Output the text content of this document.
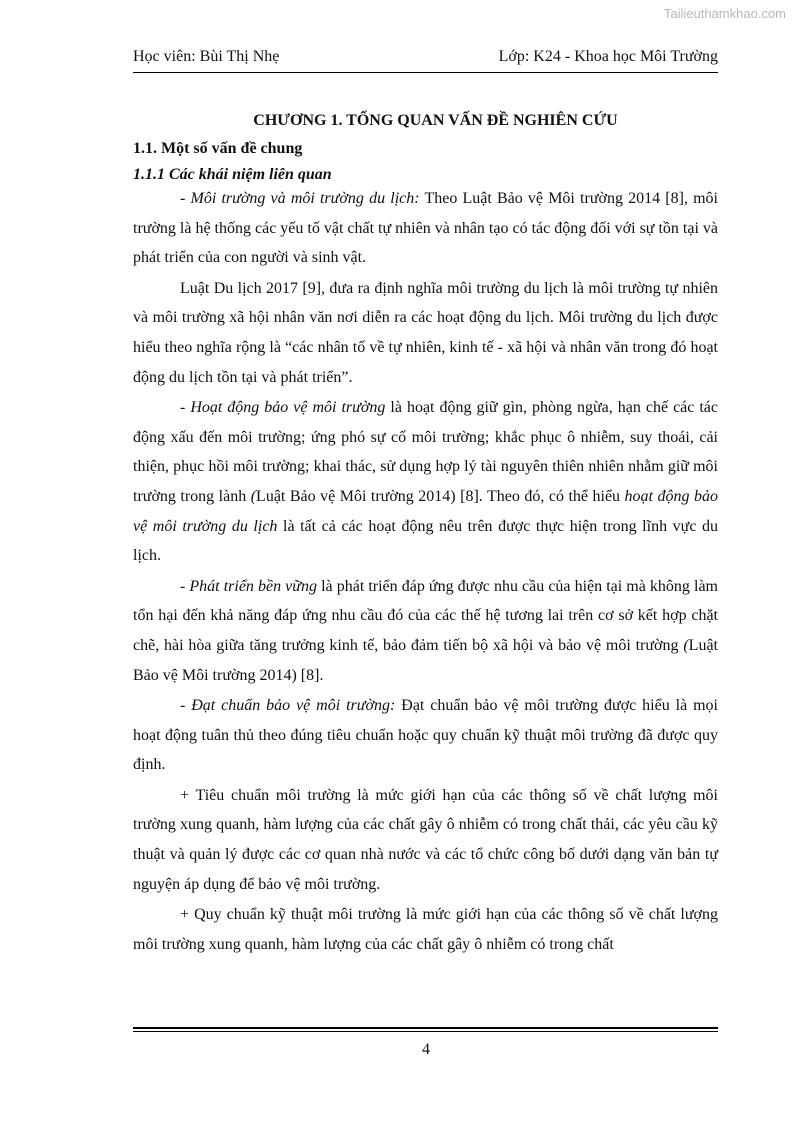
Tailieuthamkhao.com
Học viên: Bùi Thị Nhẹ	Lớp: K24 - Khoa học Môi Trường
CHƯƠNG 1. TỔNG QUAN VẤN ĐỀ NGHIÊN CỨU
1.1. Một số vấn đề chung
1.1.1 Các khái niệm liên quan

- Môi trường và môi trường du lịch: Theo Luật Bảo vệ Môi trường 2014 [8], môi trường là hệ thống các yếu tố vật chất tự nhiên và nhân tạo có tác động đối với sự tồn tại và phát triển của con người và sinh vật.

Luật Du lịch 2017 [9], đưa ra định nghĩa môi trường du lịch là môi trường tự nhiên và môi trường xã hội nhân văn nơi diễn ra các hoạt động du lịch. Môi trường du lịch được hiểu theo nghĩa rộng là “các nhân tố về tự nhiên, kinh tế - xã hội và nhân văn trong đó hoạt động du lịch tồn tại và phát triển”.

- Hoạt động bảo vệ môi trường là hoạt động giữ gìn, phòng ngừa, hạn chế các tác động xấu đến môi trường; ứng phó sự cố môi trường; khắc phục ô nhiễm, suy thoái, cải thiện, phục hồi môi trường; khai thác, sử dụng hợp lý tài nguyên thiên nhiên nhằm giữ môi trường trong lành (Luật Bảo vệ Môi trường 2014) [8]. Theo đó, có thể hiểu hoạt động bảo vệ môi trường du lịch là tất cả các hoạt động nêu trên được thực hiện trong lĩnh vực du lịch.

- Phát triển bền vững là phát triển đáp ứng được nhu cầu của hiện tại mà không làm tổn hại đến khả năng đáp ứng nhu cầu đó của các thế hệ tương lai trên cơ sở kết hợp chặt chẽ, hài hòa giữa tăng trưởng kinh tế, bảo đảm tiến bộ xã hội và bảo vệ môi trường (Luật Bảo vệ Môi trường 2014) [8].

- Đạt chuẩn bảo vệ môi trường: Đạt chuẩn bảo vệ môi trường được hiểu là mọi hoạt động tuân thủ theo đúng tiêu chuẩn hoặc quy chuẩn kỹ thuật môi trường đã được quy định.

+ Tiêu chuẩn môi trường là mức giới hạn của các thông số về chất lượng môi trường xung quanh, hàm lượng của các chất gây ô nhiễm có trong chất thải, các yêu cầu kỹ thuật và quản lý được các cơ quan nhà nước và các tổ chức công bố dưới dạng văn bản tự nguyện áp dụng để bảo vệ môi trường.

+ Quy chuẩn kỹ thuật môi trường là mức giới hạn của các thông số về chất lượng môi trường xung quanh, hàm lượng của các chất gây ô nhiễm có trong chất

4
